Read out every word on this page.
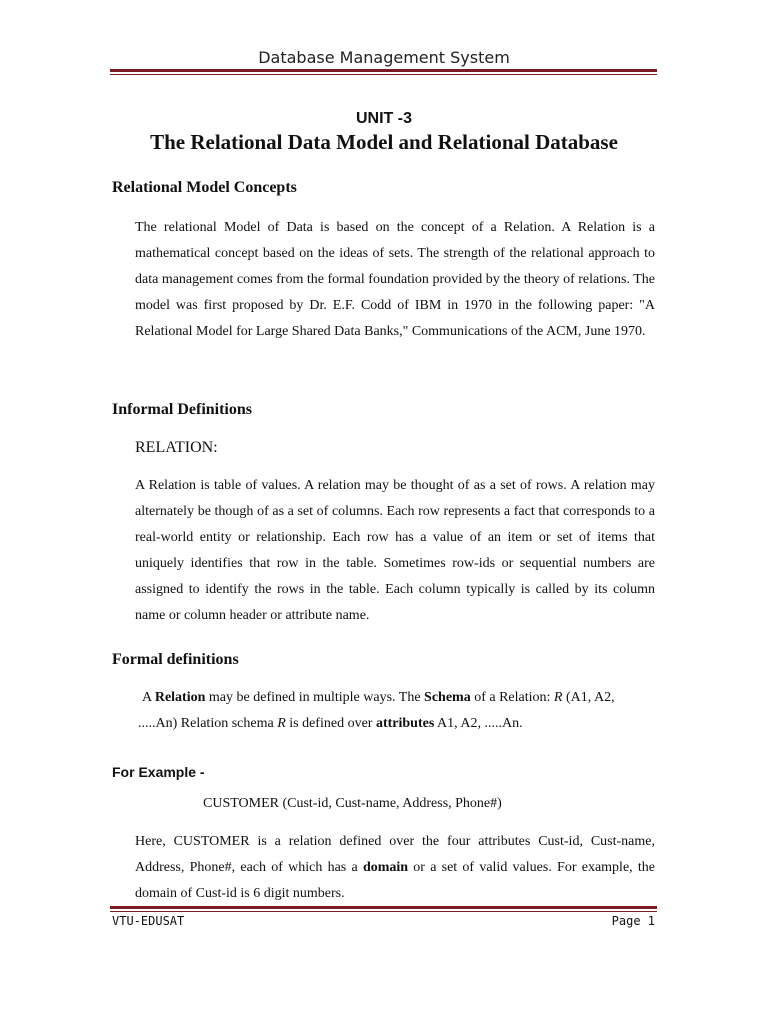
Database Management System
UNIT -3
The Relational Data Model and Relational Database
Relational Model Concepts

The relational Model of Data is based on the concept of a Relation. A Relation is a mathematical concept based on the ideas of sets. The strength of the relational approach to data management comes from the formal foundation provided by the theory of relations. The model was first proposed by Dr. E.F. Codd of IBM in 1970 in the following paper: "A Relational Model for Large Shared Data Banks," Communications of the ACM, June 1970.

Informal Definitions
RELATION:

A Relation is table of values. A relation may be thought of as a set of rows. A relation may alternately be though of as a set of columns. Each row represents a fact that corresponds to a real-world entity or relationship. Each row has a value of an item or set of items that uniquely identifies that row in the table. Sometimes row-ids or sequential numbers are assigned to identify the rows in the table. Each column typically is called by its column name or column header or attribute name.

Formal definitions
A Relation may be defined in multiple ways. The Schema of a Relation: R (A1, A2,
.....An) Relation schema R is defined over attributes A1, A2, .....An.
For Example -
CUSTOMER (Cust-id, Cust-name, Address, Phone#)

Here, CUSTOMER is a relation defined over the four attributes Cust-id, Cust-name, Address, Phone#, each of which has a domain or a set of valid values. For example, the domain of Cust-id is 6 digit numbers.

VTU-EDUSAT	Page 1
